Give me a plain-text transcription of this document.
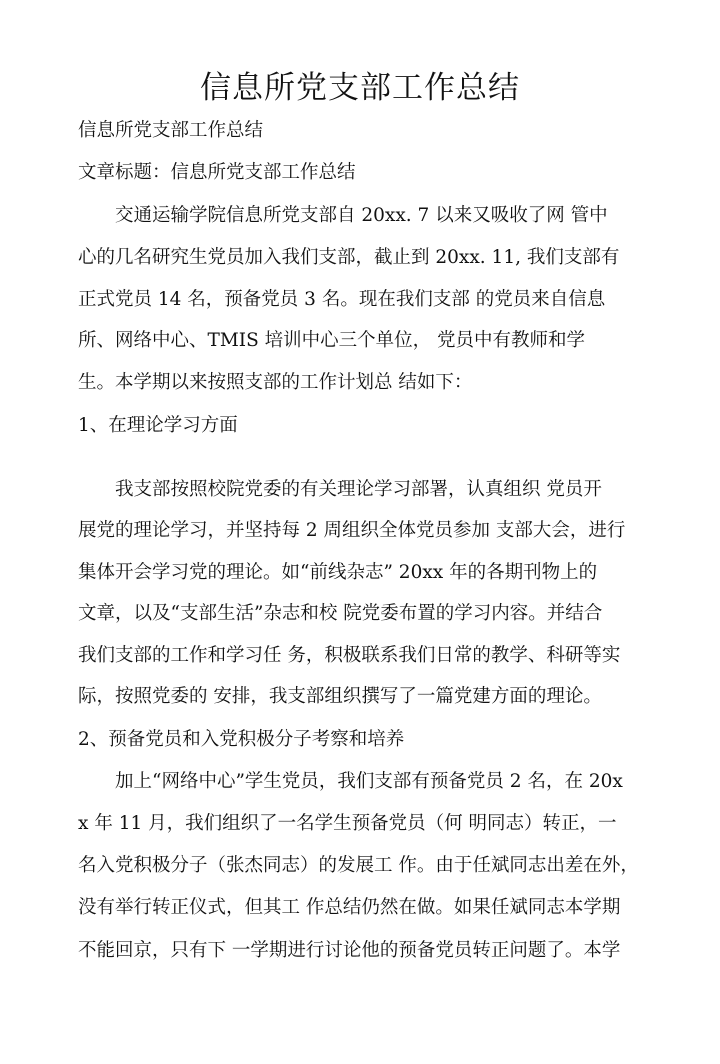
信息所党支部工作总结
信息所党支部工作总结
文章标题：信息所党支部工作总结
　　交通运输学院信息所党支部自 20xx. 7 以来又吸收了网 管中
心的几名研究生党员加入我们支部，截止到 20xx. 11, 我们支部有
正式党员 14 名，预备党员 3 名。现在我们支部 的党员来自信息
所、网络中心、TMIS 培训中心三个单位， 党员中有教师和学
生。本学期以来按照支部的工作计划总 结如下：
1、在理论学习方面
　　我支部按照校院党委的有关理论学习部署，认真组织 党员开
展党的理论学习，并坚持每 2 周组织全体党员参加 支部大会，进行
集体开会学习党的理论。如“前线杂志” 20xx 年的各期刊物上的
文章，以及“支部生活”杂志和校 院党委布置的学习内容。并结合
我们支部的工作和学习任 务，积极联系我们日常的教学、科研等实
际，按照党委的 安排，我支部组织撰写了一篇党建方面的理论。
2、预备党员和入党积极分子考察和培养
　　加上“网络中心”学生党员，我们支部有预备党员 2 名，在 20x
x 年 11 月，我们组织了一名学生预备党员（何 明同志）转正，一
名入党积极分子（张杰同志）的发展工 作。由于任斌同志出差在外，
没有举行转正仪式，但其工 作总结仍然在做。如果任斌同志本学期
不能回京，只有下 一学期进行讨论他的预备党员转正问题了。本学
